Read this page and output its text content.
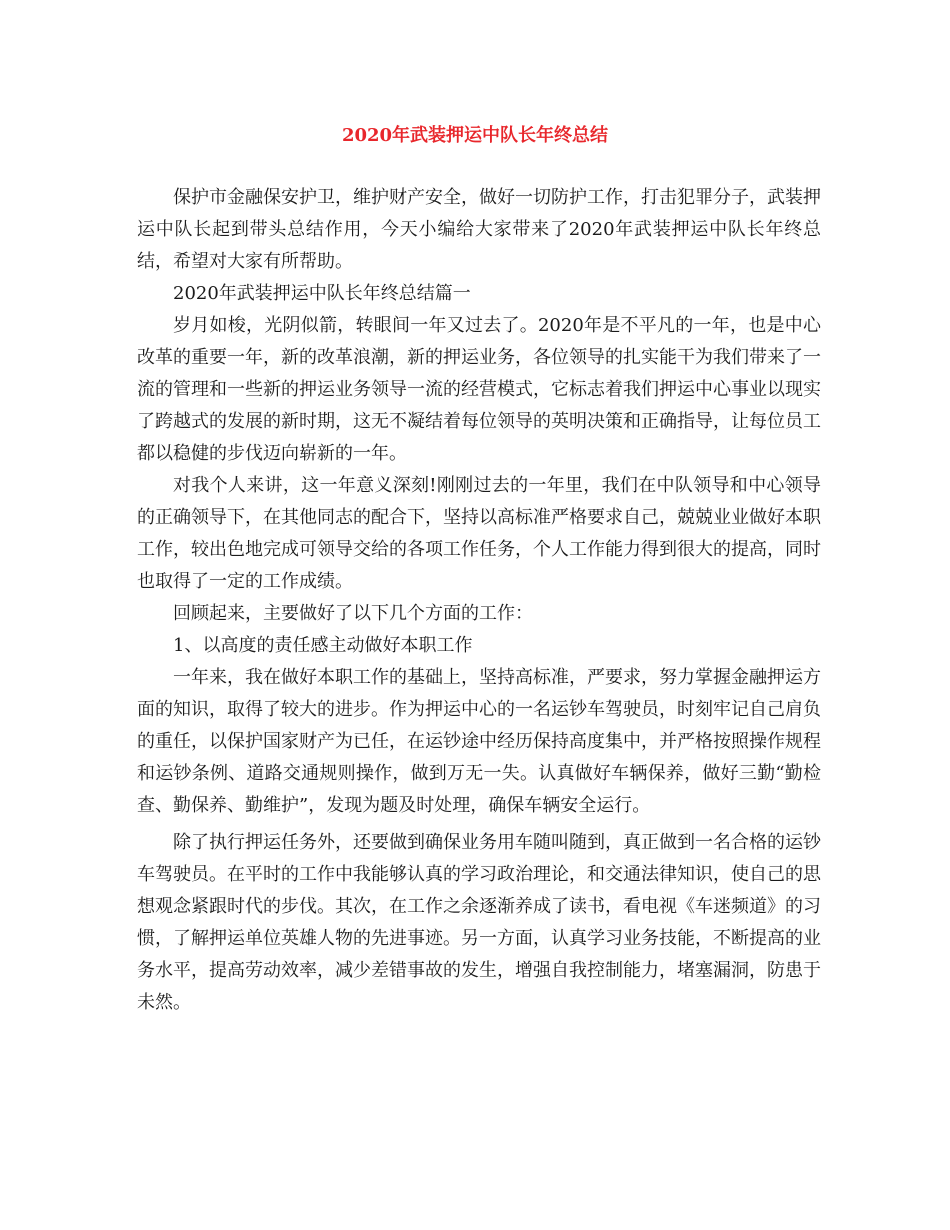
2020年武装押运中队长年终总结

保护市金融保安护卫，维护财产安全，做好一切防护工作，打击犯罪分子，武装押运中队长起到带头总结作用，今天小编给大家带来了2020年武装押运中队长年终总结，希望对大家有所帮助。

2020年武装押运中队长年终总结篇一

岁月如梭，光阴似箭，转眼间一年又过去了。2020年是不平凡的一年，也是中心改革的重要一年，新的改革浪潮，新的押运业务，各位领导的扎实能干为我们带来了一流的管理和一些新的押运业务领导一流的经营模式，它标志着我们押运中心事业以现实了跨越式的发展的新时期，这无不凝结着每位领导的英明决策和正确指导，让每位员工都以稳健的步伐迈向崭新的一年。

对我个人来讲，这一年意义深刻!刚刚过去的一年里，我们在中队领导和中心领导的正确领导下，在其他同志的配合下，坚持以高标准严格要求自己，兢兢业业做好本职工作，较出色地完成可领导交给的各项工作任务，个人工作能力得到很大的提高，同时也取得了一定的工作成绩。

回顾起来，主要做好了以下几个方面的工作：

1、以高度的责任感主动做好本职工作

一年来，我在做好本职工作的基础上，坚持高标准，严要求，努力掌握金融押运方面的知识，取得了较大的进步。作为押运中心的一名运钞车驾驶员，时刻牢记自己肩负的重任，以保护国家财产为已任，在运钞途中经历保持高度集中，并严格按照操作规程和运钞条例、道路交通规则操作，做到万无一失。认真做好车辆保养，做好三勤“勤检查、勤保养、勤维护”，发现为题及时处理，确保车辆安全运行。

除了执行押运任务外，还要做到确保业务用车随叫随到，真正做到一名合格的运钞车驾驶员。在平时的工作中我能够认真的学习政治理论，和交通法律知识，使自己的思想观念紧跟时代的步伐。其次，在工作之余逐渐养成了读书，看电视《车迷频道》的习惯，了解押运单位英雄人物的先进事迹。另一方面，认真学习业务技能，不断提高的业务水平，提高劳动效率，减少差错事故的发生，增强自我控制能力，堵塞漏洞，防患于未然。
